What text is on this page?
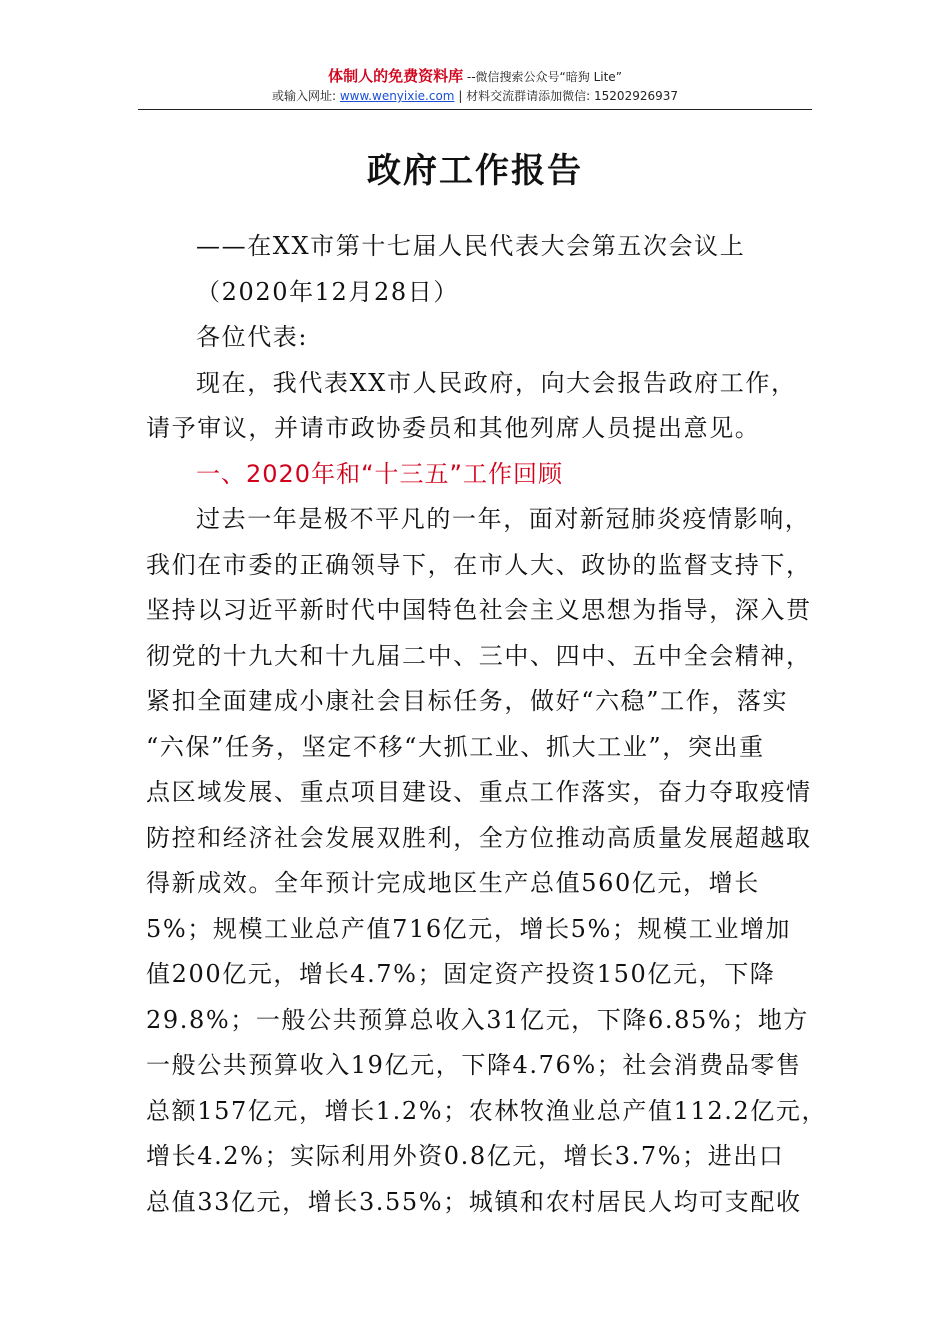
体制人的免费资料库 --微信搜索公众号“暗狗 Lite”
或输入网址: www.wenyixie.com | 材料交流群请添加微信: 15202926937
政府工作报告
——在XX市第十七届人民代表大会第五次会议上
（2020年12月28日）
各位代表:
现在，我代表XX市人民政府，向大会报告政府工作，
请予审议，并请市政协委员和其他列席人员提出意见。
一、2020年和“十三五”工作回顾
过去一年是极不平凡的一年，面对新冠肺炎疫情影响，
我们在市委的正确领导下，在市人大、政协的监督支持下，
坚持以习近平新时代中国特色社会主义思想为指导，深入贯
彻党的十九大和十九届二中、三中、四中、五中全会精神，
紧扣全面建成小康社会目标任务，做好“六稳”工作，落实
“六保”任务，坚定不移“大抓工业、抓大工业”，突出重
点区域发展、重点项目建设、重点工作落实，奋力夺取疫情
防控和经济社会发展双胜利，全方位推动高质量发展超越取
得新成效。全年预计完成地区生产总值560亿元，增长
5%；规模工业总产值716亿元，增长5%；规模工业增加
值200亿元，增长4.7%；固定资产投资150亿元，下降
29.8%；一般公共预算总收入31亿元，下降6.85%；地方
一般公共预算收入19亿元，下降4.76%；社会消费品零售
总额157亿元，增长1.2%；农林牧渔业总产值112.2亿元，
增长4.2%；实际利用外资0.8亿元，增长3.7%；进出口
总值33亿元，增长3.55%；城镇和农村居民人均可支配收
